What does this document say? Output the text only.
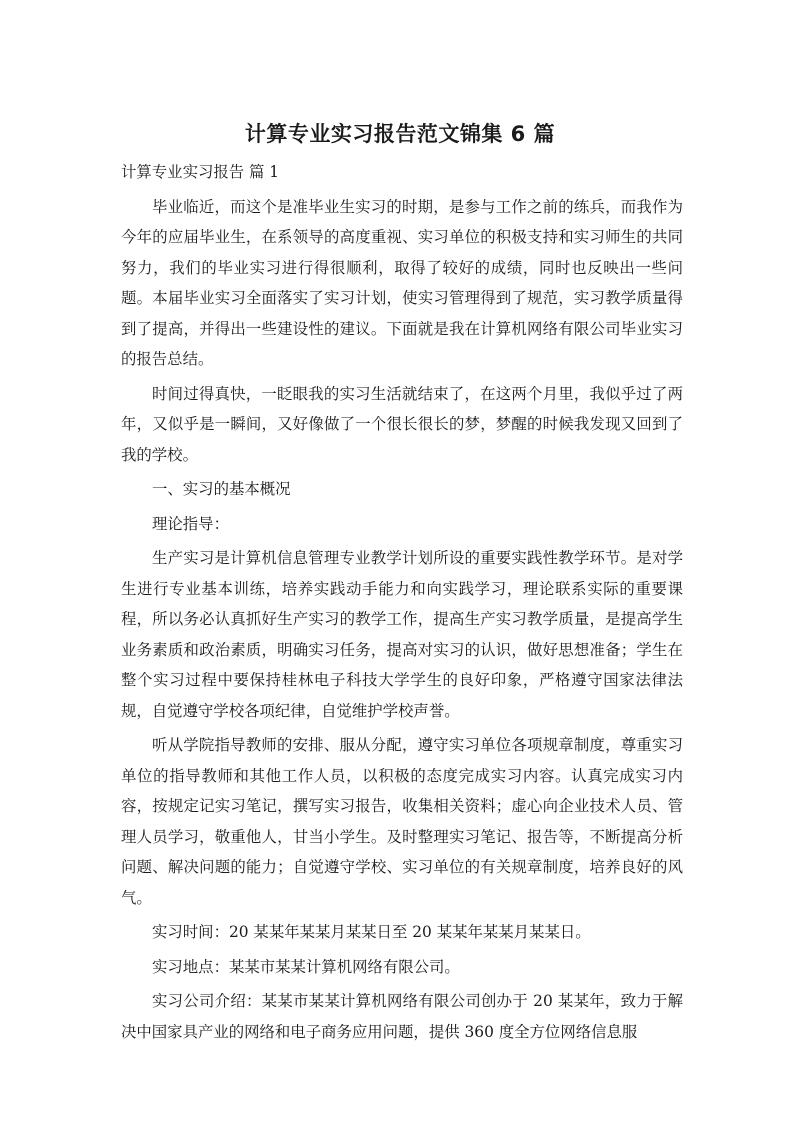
计算专业实习报告范文锦集 6 篇

计算专业实习报告 篇 1

毕业临近，而这个是准毕业生实习的时期，是参与工作之前的练兵，而我作为今年的应届毕业生，在系领导的高度重视、实习单位的积极支持和实习师生的共同努力，我们的毕业实习进行得很顺利，取得了较好的成绩，同时也反映出一些问题。本届毕业实习全面落实了实习计划，使实习管理得到了规范，实习教学质量得到了提高，并得出一些建设性的建议。下面就是我在计算机网络有限公司毕业实习的报告总结。

时间过得真快，一眨眼我的实习生活就结束了，在这两个月里，我似乎过了两年，又似乎是一瞬间，又好像做了一个很长很长的梦，梦醒的时候我发现又回到了我的学校。

一、实习的基本概况

理论指导：

生产实习是计算机信息管理专业教学计划所设的重要实践性教学环节。是对学生进行专业基本训练，培养实践动手能力和向实践学习，理论联系实际的重要课程，所以务必认真抓好生产实习的教学工作，提高生产实习教学质量，是提高学生业务素质和政治素质，明确实习任务，提高对实习的认识，做好思想准备；学生在整个实习过程中要保持桂林电子科技大学学生的良好印象，严格遵守国家法律法规，自觉遵守学校各项纪律，自觉维护学校声誉。

听从学院指导教师的安排、服从分配，遵守实习单位各项规章制度，尊重实习单位的指导教师和其他工作人员，以积极的态度完成实习内容。认真完成实习内容，按规定记实习笔记，撰写实习报告，收集相关资料；虚心向企业技术人员、管理人员学习，敬重他人，甘当小学生。及时整理实习笔记、报告等，不断提高分析问题、解决问题的能力；自觉遵守学校、实习单位的有关规章制度，培养良好的风气。

实习时间：20 某某年某某月某某日至 20 某某年某某月某某日。

实习地点：某某市某某计算机网络有限公司。

实习公司介绍：某某市某某计算机网络有限公司创办于 20 某某年，致力于解决中国家具产业的网络和电子商务应用问题，提供 360 度全方位网络信息服
